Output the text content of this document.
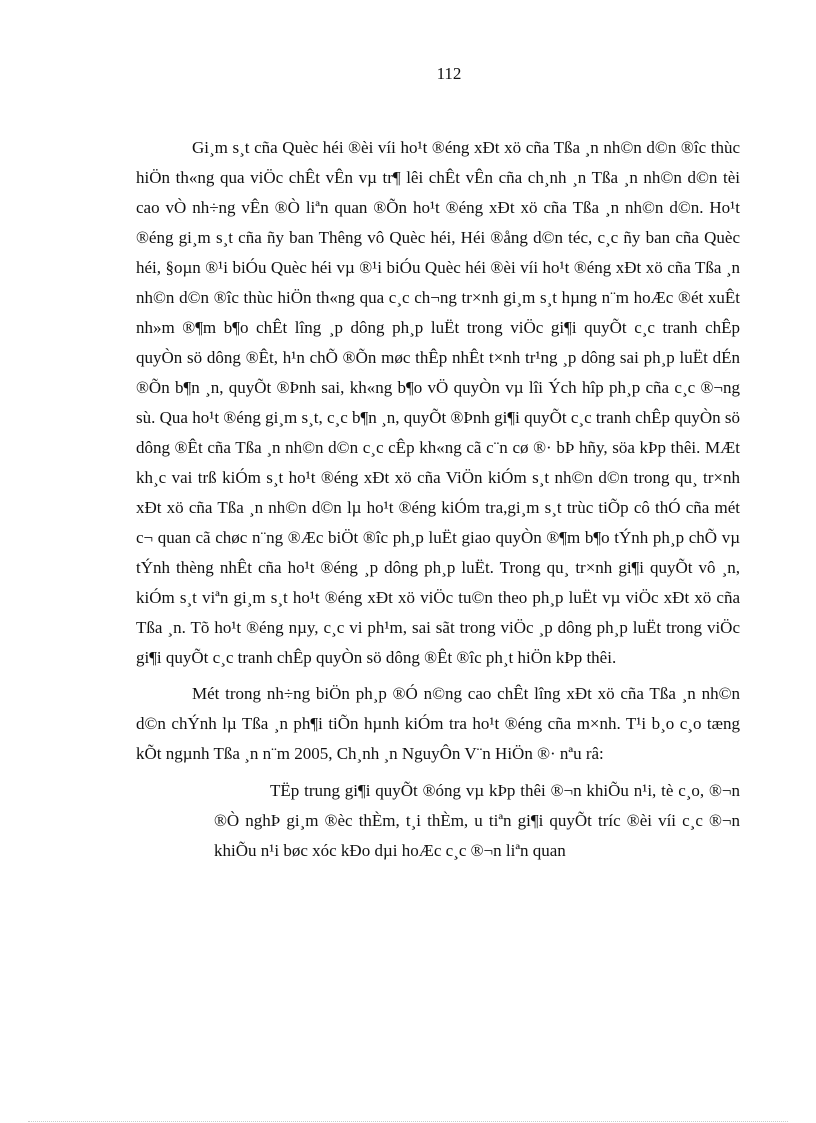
112

Gi¸m s¸t cña Quèc héi ®èi víi ho¹t ®éng xÐt xö cña Tßa ¸n nh©n d©n ®îc thùc hiÖn th«ng qua viÖc chÊt vÊn vµ tr¶ lêi chÊt vÊn cña ch¸nh ¸n Tßa ¸n nh©n d©n tèi cao vÒ nh÷ng vÊn ®Ò liªn quan ®Õn ho¹t ®éng xÐt xö cña Tßa ¸n nh©n d©n. Ho¹t ®éng gi¸m s¸t cña ñy ban Thêng vô Quèc héi, Héi ®ång d©n téc, c¸c ñy ban cña Quèc héi, §oµn ®¹i biÓu Quèc héi vµ ®¹i biÓu Quèc héi ®èi víi ho¹t ®éng xÐt xö cña Tßa ¸n nh©n d©n ®îc thùc hiÖn th«ng qua c¸c ch¬ng tr×nh gi¸m s¸t hµng n¨m hoÆc ®ét xuÊt nh»m ®¶m b¶o chÊt lîng ¸p dông ph¸p luËt trong viÖc gi¶i quyÕt c¸c tranh chÊp quyÒn sö dông ®Êt, h¹n chÕ ®Õn møc thÊp nhÊt t×nh tr¹ng ¸p dông sai ph¸p luËt dÉn ®Õn b¶n ¸n, quyÕt ®Þnh sai, kh«ng b¶o vÖ quyÒn vµ lîi Ých hîp ph¸p cña c¸c ®¬ng sù. Qua ho¹t ®éng gi¸m s¸t, c¸c b¶n ¸n, quyÕt ®Þnh gi¶i quyÕt c¸c tranh chÊp quyÒn sö dông ®Êt cña Tßa ¸n nh©n d©n c¸c cÊp kh«ng cã c¨n cø ®· bÞ hñy, söa kÞp thêi. MÆt kh¸c vai trß kiÓm s¸t ho¹t ®éng xÐt xö cña ViÖn kiÓm s¸t nh©n d©n trong qu¸ tr×nh xÐt xö cña Tßa ¸n nh©n d©n lµ ho¹t ®éng kiÓm tra,gi¸m s¸t trùc tiÕp cô thÓ cña mét c¬ quan cã chøc n¨ng ®Æc biÖt ®îc ph¸p luËt giao quyÒn ®¶m b¶o tÝnh ph¸p chÕ vµ tÝnh thèng nhÊt cña ho¹t ®éng ¸p dông ph¸p luËt. Trong qu¸ tr×nh gi¶i quyÕt vô ¸n, kiÓm s¸t viªn gi¸m s¸t ho¹t ®éng xÐt xö viÖc tu©n theo ph¸p luËt vµ viÖc xÐt xö cña Tßa ¸n. Tõ ho¹t ®éng nµy, c¸c vi ph¹m, sai sãt trong viÖc ¸p dông ph¸p luËt trong viÖc gi¶i quyÕt c¸c tranh chÊp quyÒn sö dông ®Êt ®îc ph¸t hiÖn kÞp thêi.

Mét trong nh÷ng biÖn ph¸p ®Ó n©ng cao chÊt lîng xÐt xö cña Tßa ¸n nh©n d©n chÝnh lµ Tßa ¸n ph¶i tiÕn hµnh kiÓm tra ho¹t ®éng cña m×nh. T¹i b¸o c¸o tæng kÕt ngµnh Tßa ¸n n¨m 2005, Ch¸nh ¸n NguyÔn V¨n HiÖn ®· nªu râ:

TËp trung gi¶i quyÕt ®óng vµ kÞp thêi ®¬n khiÕu n¹i, tè c¸o, ®¬n ®Ò nghÞ gi¸m ®èc thÈm, t¸i thÈm, u tiªn gi¶i quyÕt tríc ®èi víi c¸c ®¬n khiÕu n¹i bøc xóc kÐo dµi hoÆc c¸c ®¬n liªn quan
